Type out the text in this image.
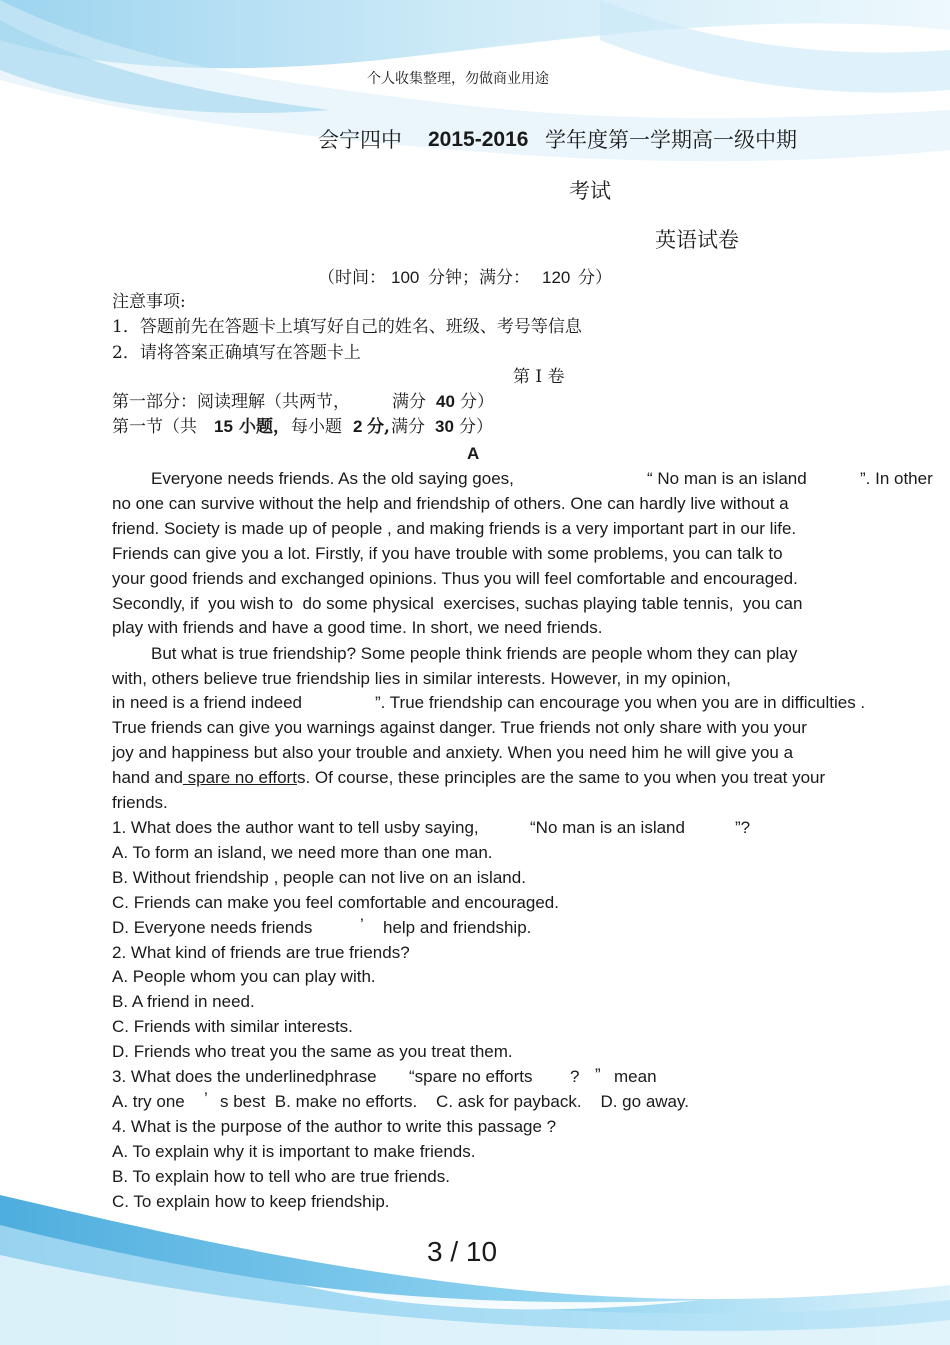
个人收集整理，勿做商业用途
会宁四中 2015-2016 学年度第一学期高一级中期
考试
英语试卷
（时间： 100 分钟；满分： 120 分）
注意事项:
1．答题前先在答题卡上填写好自己的姓名、班级、考号等信息
2．请将答案正确填写在答题卡上
第 I 卷
第一部分：阅读理解（共两节， 满分 40 分）
第一节（共 15 小题， 每小题 2 分, 满分 30 分）
A
Everyone needs friends. As the old saying goes,	“ No man is an island	”. In other
no one can survive without the help and friendship of others. One can hardly live without a
friend. Society is made up of people , and making friends is a very important part in our life.
Friends can give you a lot. Firstly, if you have trouble with some problems, you can talk to
your good friends and exchanged opinions. Thus you will feel comfortable and encouraged.
Secondly, if  you wish to  do some physical  exercises, suchas playing table tennis,  you can
play with friends and have a good time. In short, we need friends.
But what is true friendship? Some people think friends are people whom they can play
with, others believe true friendship lies in similar interests. However, in my opinion,
in need is a friend indeed	”. True friendship can encourage you when you are in difficulties .
True friends can give you warnings against danger. True friends not only share with you your
joy and happiness but also your trouble and anxiety. When you need him he will give you a
hand and spare no efforts. Of course, these principles are the same to you when you treat your
friends.
1. What does the author want to tell usby saying,	“No man is an island	”?
A. To form an island, we need more than one man.
B. Without friendship , people can not live on an island.
C. Friends can make you feel comfortable and encouraged.
D. Everyone needs friends	’ help and friendship.
2. What kind of friends are true friends?
A. People whom you can play with.
B. A friend in need.
C. Friends with similar interests.
D. Friends who treat you the same as you treat them.
3. What does the underlinedphrase “spare no efforts ? ” mean
A. try one ’ s best  B. make no efforts.    C. ask for payback.    D. go away.
4. What is the purpose of the author to write this passage ?
A. To explain why it is important to make friends.
B. To explain how to tell who are true friends.
C. To explain how to keep friendship.
3 / 10
